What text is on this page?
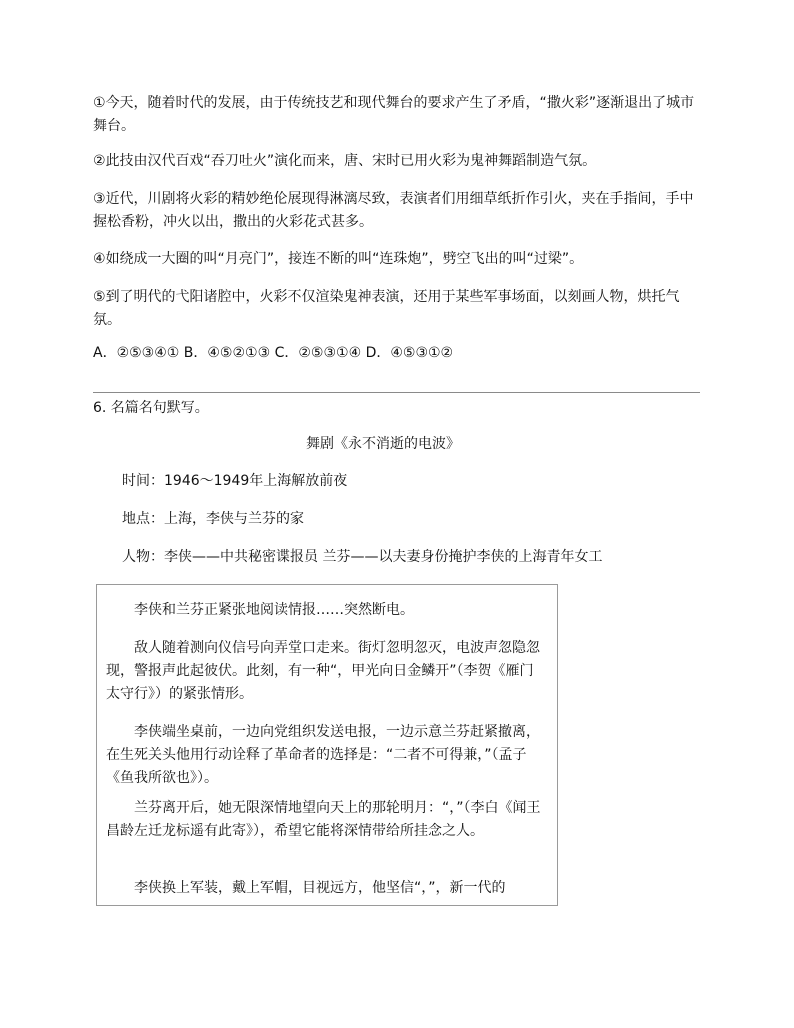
①今天，随着时代的发展，由于传统技艺和现代舞台的要求产生了矛盾，“撒火彩”逐渐退出了城市舞台。
②此技由汉代百戏“吞刀吐火”演化而来，唐、宋时已用火彩为鬼神舞蹈制造气氛。
③近代，川剧将火彩的精妙绝伦展现得淋漓尽致，表演者们用细草纸折作引火，夹在手指间，手中握松香粉，冲火以出，撒出的火彩花式甚多。
④如绕成一大圈的叫“月亮门”，接连不断的叫“连珠炮”，劈空飞出的叫“过梁”。
⑤到了明代的弋阳诸腔中，火彩不仅渲染鬼神表演，还用于某些军事场面，以刻画人物，烘托气氛。
A．②⑤③④① B．④⑤②①③ C．②⑤③①④ D．④⑤③①②
6. 名篇名句默写。
舞剧《永不消逝的电波》
时间：1946～1949年上海解放前夜
地点：上海，李侠与兰芬的家
人物：李侠——中共秘密谍报员 兰芬——以夫妻身份掩护李侠的上海青年女工
李侠和兰芬正紧张地阅读情报……突然断电。
敌人随着测向仪信号向弄堂口走来。街灯忽明忽灭，电波声忽隐忽现，警报声此起彼伏。此刻，有一种“，甲光向日金鳞开”（李贺《雁门太守行》）的紧张情形。
李侠端坐桌前，一边向党组织发送电报，一边示意兰芬赶紧撤离，在生死关头他用行动诠释了革命者的选择是：“二者不可得兼，”（孟子《鱼我所欲也》）。
兰芬离开后，她无限深情地望向天上的那轮明月：“，”（李白《闻王昌龄左迁龙标遥有此寄》），希望它能将深情带给所挂念之人。
李侠换上军装，戴上军帽，目视远方，他坚信“，”，新一代的
